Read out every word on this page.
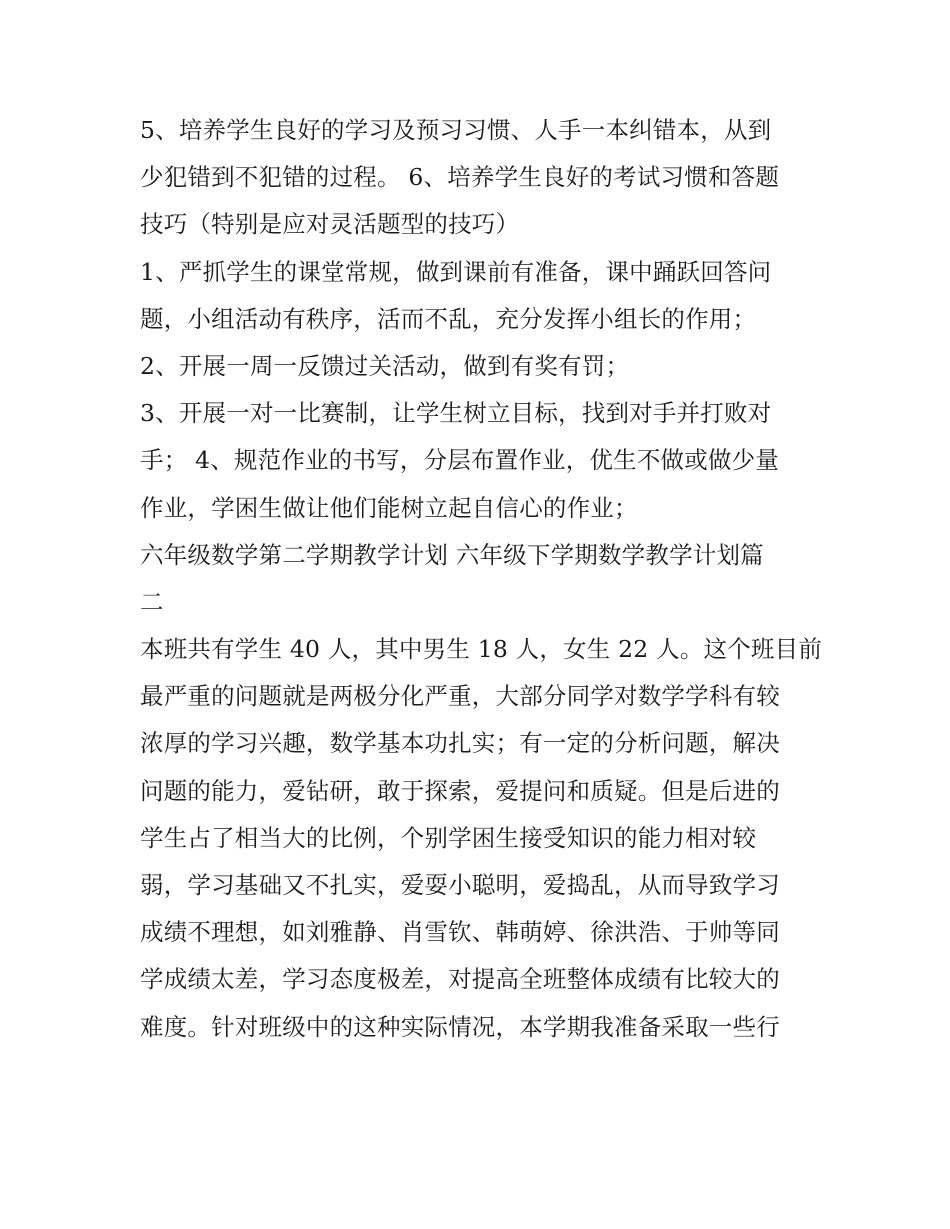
5、培养学生良好的学习及预习习惯、人手一本纠错本，从到
少犯错到不犯错的过程。 6、培养学生良好的考试习惯和答题
技巧（特别是应对灵活题型的技巧）
1、严抓学生的课堂常规，做到课前有准备，课中踊跃回答问
题，小组活动有秩序，活而不乱，充分发挥小组长的作用；
2、开展一周一反馈过关活动，做到有奖有罚；
3、开展一对一比赛制，让学生树立目标，找到对手并打败对
手； 4、规范作业的书写，分层布置作业，优生不做或做少量
作业，学困生做让他们能树立起自信心的作业；
六年级数学第二学期教学计划 六年级下学期数学教学计划篇
二
本班共有学生 40 人，其中男生 18 人，女生 22 人。这个班目前
最严重的问题就是两极分化严重，大部分同学对数学学科有较
浓厚的学习兴趣，数学基本功扎实；有一定的分析问题，解决
问题的能力，爱钻研，敢于探索，爱提问和质疑。但是后进的
学生占了相当大的比例，个别学困生接受知识的能力相对较
弱，学习基础又不扎实，爱耍小聪明，爱捣乱，从而导致学习
成绩不理想，如刘雅静、肖雪钦、韩萌婷、徐洪浩、于帅等同
学成绩太差，学习态度极差，对提高全班整体成绩有比较大的
难度。针对班级中的这种实际情况，本学期我准备采取一些行
